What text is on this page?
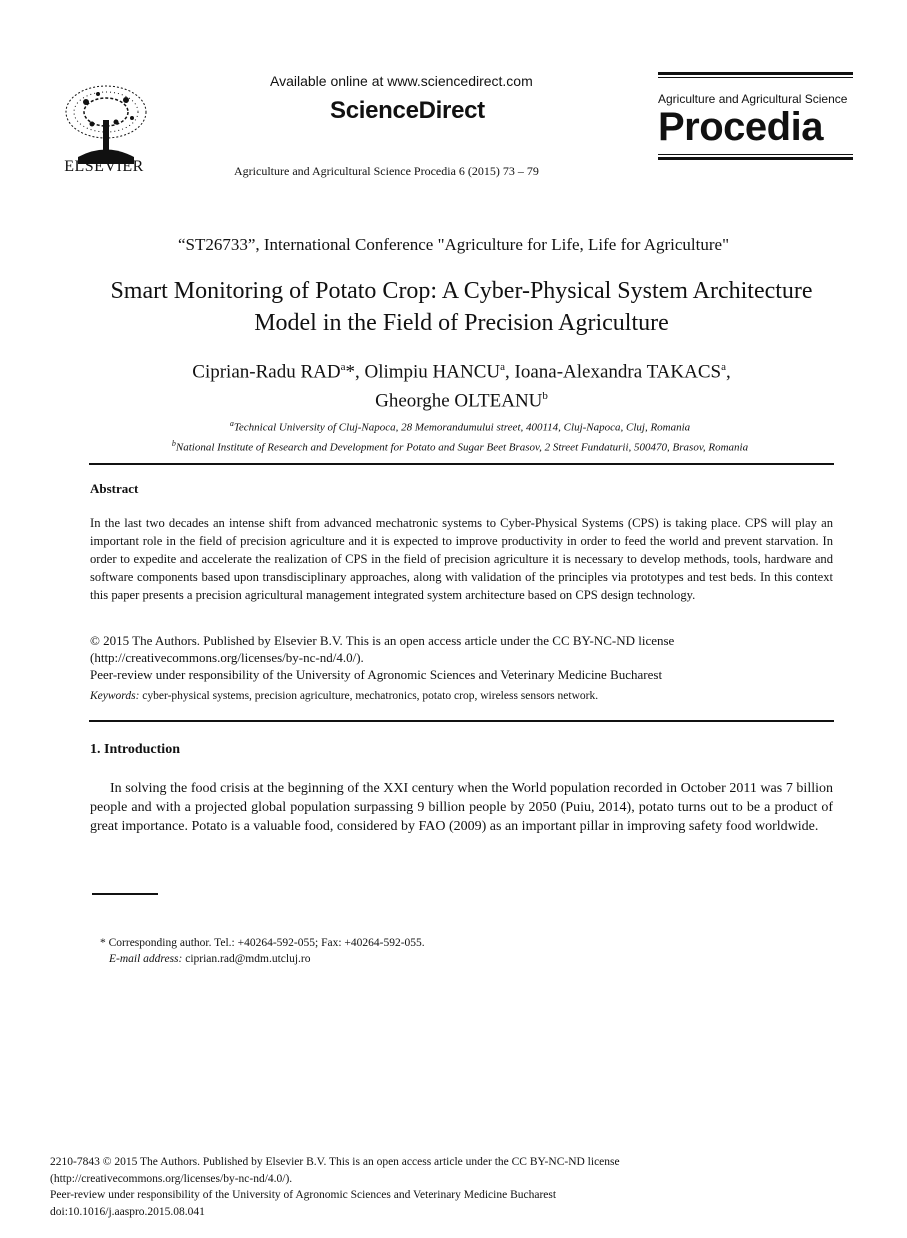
ELSEVIER
Available online at www.sciencedirect.com
ScienceDirect
Agriculture and Agricultural Science Procedia 6 (2015) 73 – 79
Agriculture and Agricultural Science
Procedia
“ST26733”, International Conference "Agriculture for Life, Life for Agriculture"
Smart Monitoring of Potato Crop: A Cyber-Physical System Architecture Model in the Field of Precision Agriculture
Ciprian-Radu RAD$^a$*, Olimpiu HANCU$^a$, Ioana-Alexandra TAKACS$^a$,
Gheorghe OLTEANU$^b$
$^a$Technical University of Cluj-Napoca, 28 Memorandumului street, 400114, Cluj-Napoca, Cluj, Romania
$^b$National Institute of Research and Development for Potato and Sugar Beet Brasov, 2 Street Fundaturii, 500470, Brasov, Romania
Abstract
In the last two decades an intense shift from advanced mechatronic systems to Cyber-Physical Systems (CPS) is taking place. CPS will play an important role in the field of precision agriculture and it is expected to improve productivity in order to feed the world and prevent starvation. In order to expedite and accelerate the realization of CPS in the field of precision agriculture it is necessary to develop methods, tools, hardware and software components based upon transdisciplinary approaches, along with validation of the principles via prototypes and test beds. In this context this paper presents a precision agricultural management integrated system architecture based on CPS design technology.
© 2015 The Authors. Published by Elsevier B.V. This is an open access article under the CC BY-NC-ND license
(http://creativecommons.org/licenses/by-nc-nd/4.0/).
Peer-review under responsibility of the University of Agronomic Sciences and Veterinary Medicine Bucharest
Keywords: cyber-physical systems, precision agriculture, mechatronics, potato crop, wireless sensors network.
1. Introduction
In solving the food crisis at the beginning of the XXI century when the World population recorded in October 2011 was 7 billion people and with a projected global population surpassing 9 billion people by 2050 (Puiu, 2014), potato turns out to be a product of great importance. Potato is a valuable food, considered by FAO (2009) as an important pillar in improving safety food worldwide.
* Corresponding author. Tel.: +40264-592-055; Fax: +40264-592-055.
E-mail address: ciprian.rad@mdm.utcluj.ro
2210-7843 © 2015 The Authors. Published by Elsevier B.V. This is an open access article under the CC BY-NC-ND license
(http://creativecommons.org/licenses/by-nc-nd/4.0/).
Peer-review under responsibility of the University of Agronomic Sciences and Veterinary Medicine Bucharest
doi:10.1016/j.aaspro.2015.08.041
